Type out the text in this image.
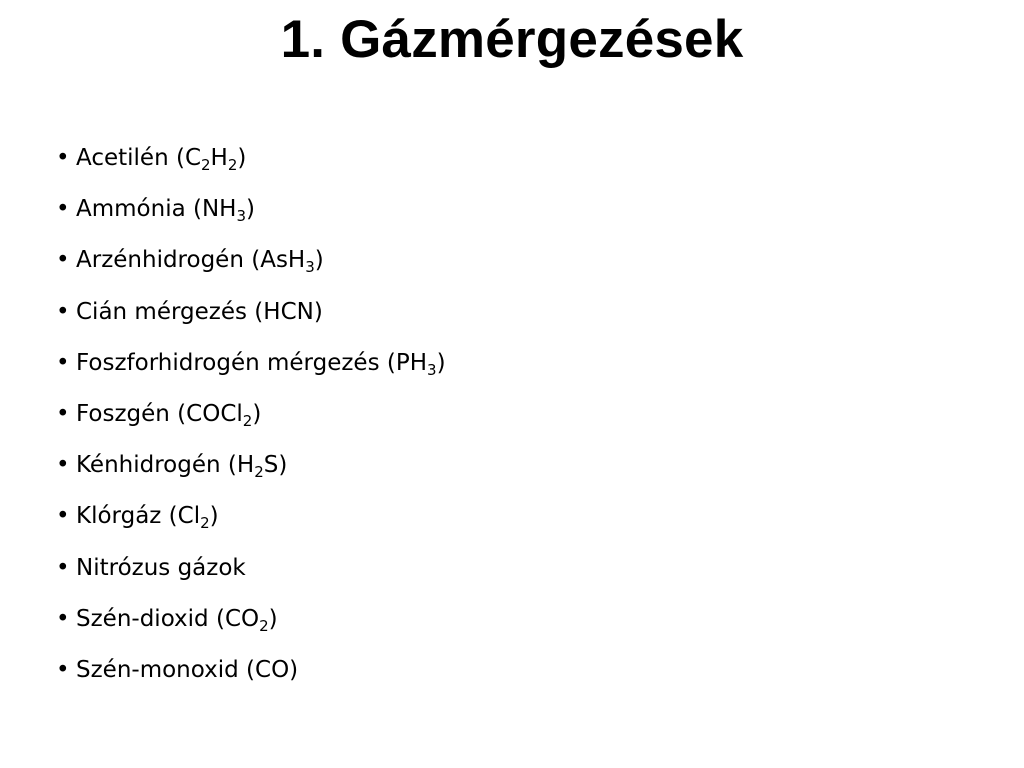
1. Gázmérgezések
• Acetilén $(C_2H_2)$
• Ammónia $(NH_3)$
• Arzénhidrogén (AsH$_3$)
• Cián mérgezés (HCN)
• Foszforhidrogén mérgezés $(PH_3)$
• Foszgén (COCl$_2$)
• Kénhidrogén $(H_2S)$
• Klórgáz $(Cl_2)$
• Nitrózus gázok
• Szén-dioxid $(CO_2)$
• Szén-monoxid (CO)
